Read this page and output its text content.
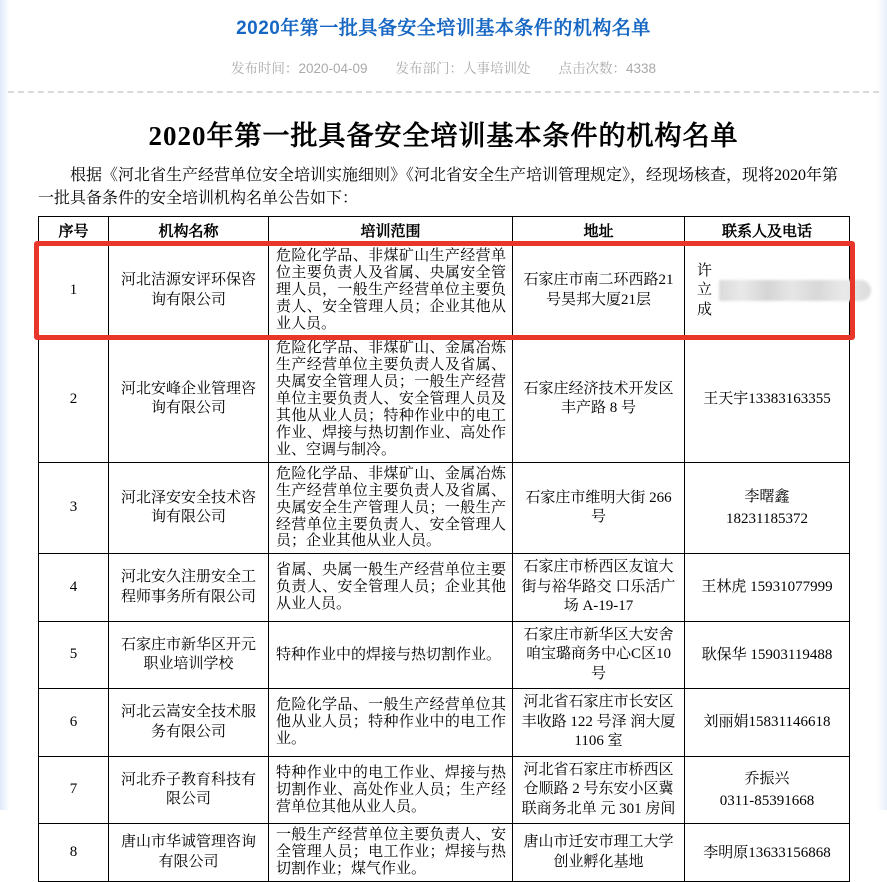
2020年第一批具备安全培训基本条件的机构名单
发布时间：2020-04-09 发布部门：人事培训处 点击次数：4338
2020年第一批具备安全培训基本条件的机构名单

根据《河北省生产经营单位安全培训实施细则》《河北省安全生产培训管理规定》，经现场核查，现将2020年第一批具备条件的安全培训机构名单公告如下：

序号	机构名称	培训范围	地址	联系人及电话
1	河北洁源安评环保咨询有限公司	危险化学品、非煤矿山生产经营单位主要负责人及省属、央属安全管理人员，一般生产经营单位主要负责人、安全管理人员；企业其他从业人员。	石家庄市南二环西路21号昊邦大厦21层	许立成

2	河北安峰企业管理咨询有限公司	危险化学品、非煤矿山、金属冶炼生产经营单位主要负责人及省属、央属安全管理人员；一般生产经营单位主要负责人、安全管理人员及其他从业人员；特种作业中的电工作业、焊接与热切割作业、高处作业、空调与制冷。	石家庄经济技术开发区丰产路 8 号	王天宇13383163355

3	河北泽安安全技术咨询有限公司	危险化学品、非煤矿山、金属冶炼生产经营单位主要负责人及省属、央属安全生产管理人员；一般生产经营单位主要负责人、安全管理人员；企业其他从业人员。	石家庄市维明大街 266 号	李曙鑫
18231185372

4	河北安久注册安全工程师事务所有限公司	省属、央属一般生产经营单位主要负责人、安全管理人员；企业其他从业人员。	石家庄市桥西区友谊大街与裕华路交 口乐活广场 A-19-17	王林虎 15931077999

5	石家庄市新华区开元职业培训学校	特种作业中的焊接与热切割作业。	石家庄市新华区大安舍咱宝璐商务中心C区10号	耿保华 15903119488

6	河北云嵩安全技术服务有限公司	危险化学品、一般生产经营单位其他从业人员；特种作业中的电工作业。	河北省石家庄市长安区丰收路 122 号泽 润大厦 1106 室	刘丽娟15831146618

7	河北乔子教育科技有限公司	特种作业中的电工作业、焊接与热切割作业、高处作业人员；生产经营单位其他从业人员。	河北省石家庄市桥西区仓顺路 2 号东安小区冀联商务北单 元 301 房间	乔振兴
0311-85391668

8	唐山市华诚管理咨询有限公司	一般生产经营单位主要负责人、安全管理人员；电工作业；焊接与热切割作业；煤气作业。	唐山市迁安市理工大学创业孵化基地	李明原13633156868
